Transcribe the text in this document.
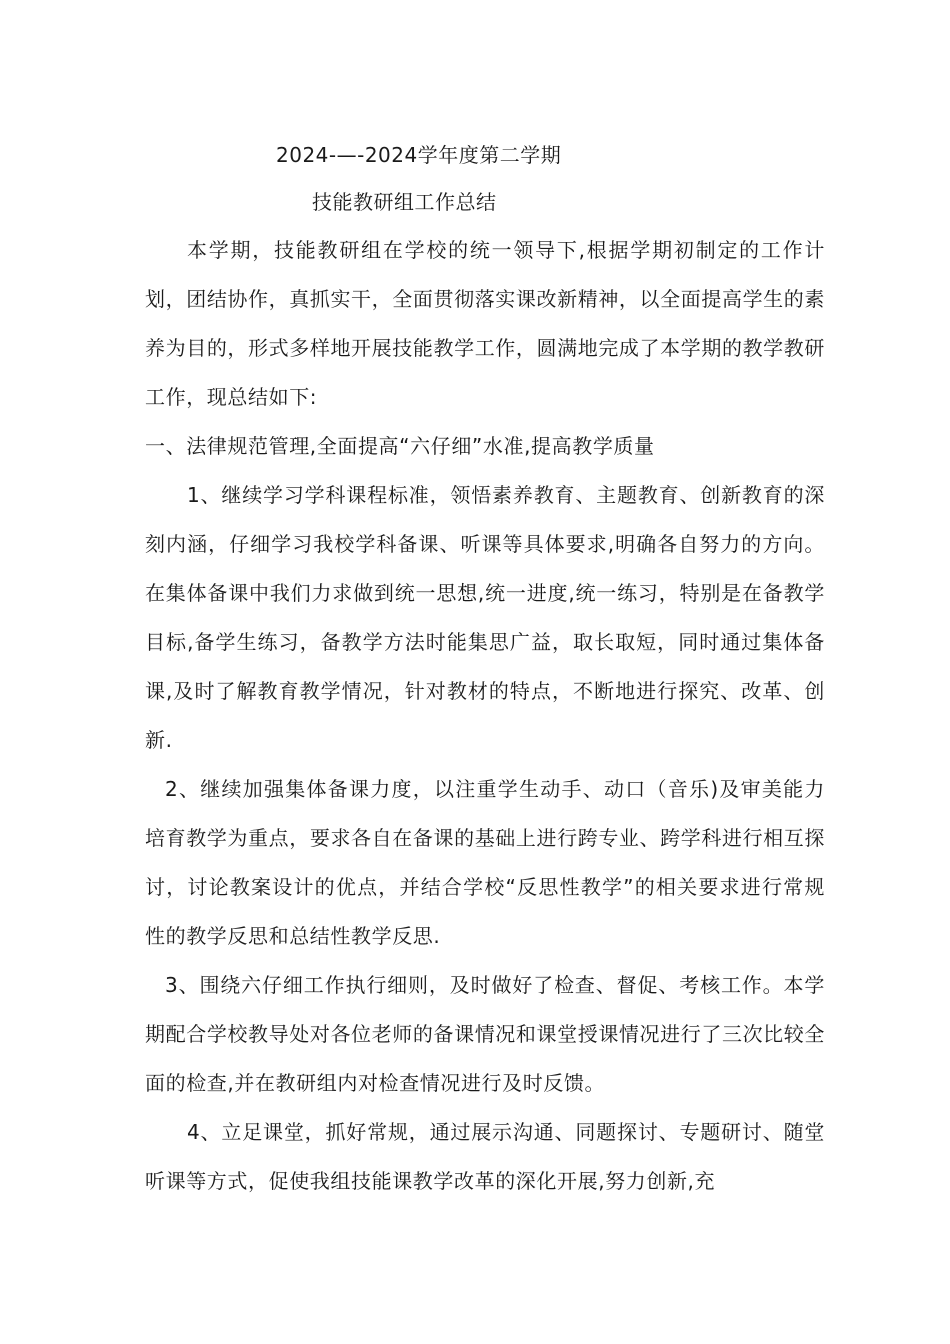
2024-—-2024学年度第二学期
技能教研组工作总结

本学期，技能教研组在学校的统一领导下,根据学期初制定的工作计划，团结协作，真抓实干，全面贯彻落实课改新精神，以全面提高学生的素养为目的，形式多样地开展技能教学工作，圆满地完成了本学期的教学教研工作，现总结如下:

一、法律规范管理,全面提高“六仔细”水准,提高教学质量

1、继续学习学科课程标准，领悟素养教育、主题教育、创新教育的深刻内涵，仔细学习我校学科备课、听课等具体要求,明确各自努力的方向。在集体备课中我们力求做到统一思想,统一进度,统一练习，特别是在备教学目标,备学生练习，备教学方法时能集思广益，取长取短，同时通过集体备课,及时了解教育教学情况，针对教材的特点，不断地进行探究、改革、创新.

2、继续加强集体备课力度，以注重学生动手、动口（音乐)及审美能力培育教学为重点，要求各自在备课的基础上进行跨专业、跨学科进行相互探讨，讨论教案设计的优点，并结合学校“反思性教学”的相关要求进行常规性的教学反思和总结性教学反思.

3、围绕六仔细工作执行细则，及时做好了检查、督促、考核工作。本学期配合学校教导处对各位老师的备课情况和课堂授课情况进行了三次比较全面的检查,并在教研组内对检查情况进行及时反馈。

4、立足课堂，抓好常规，通过展示沟通、同题探讨、专题研讨、随堂听课等方式，促使我组技能课教学改革的深化开展,努力创新,充
